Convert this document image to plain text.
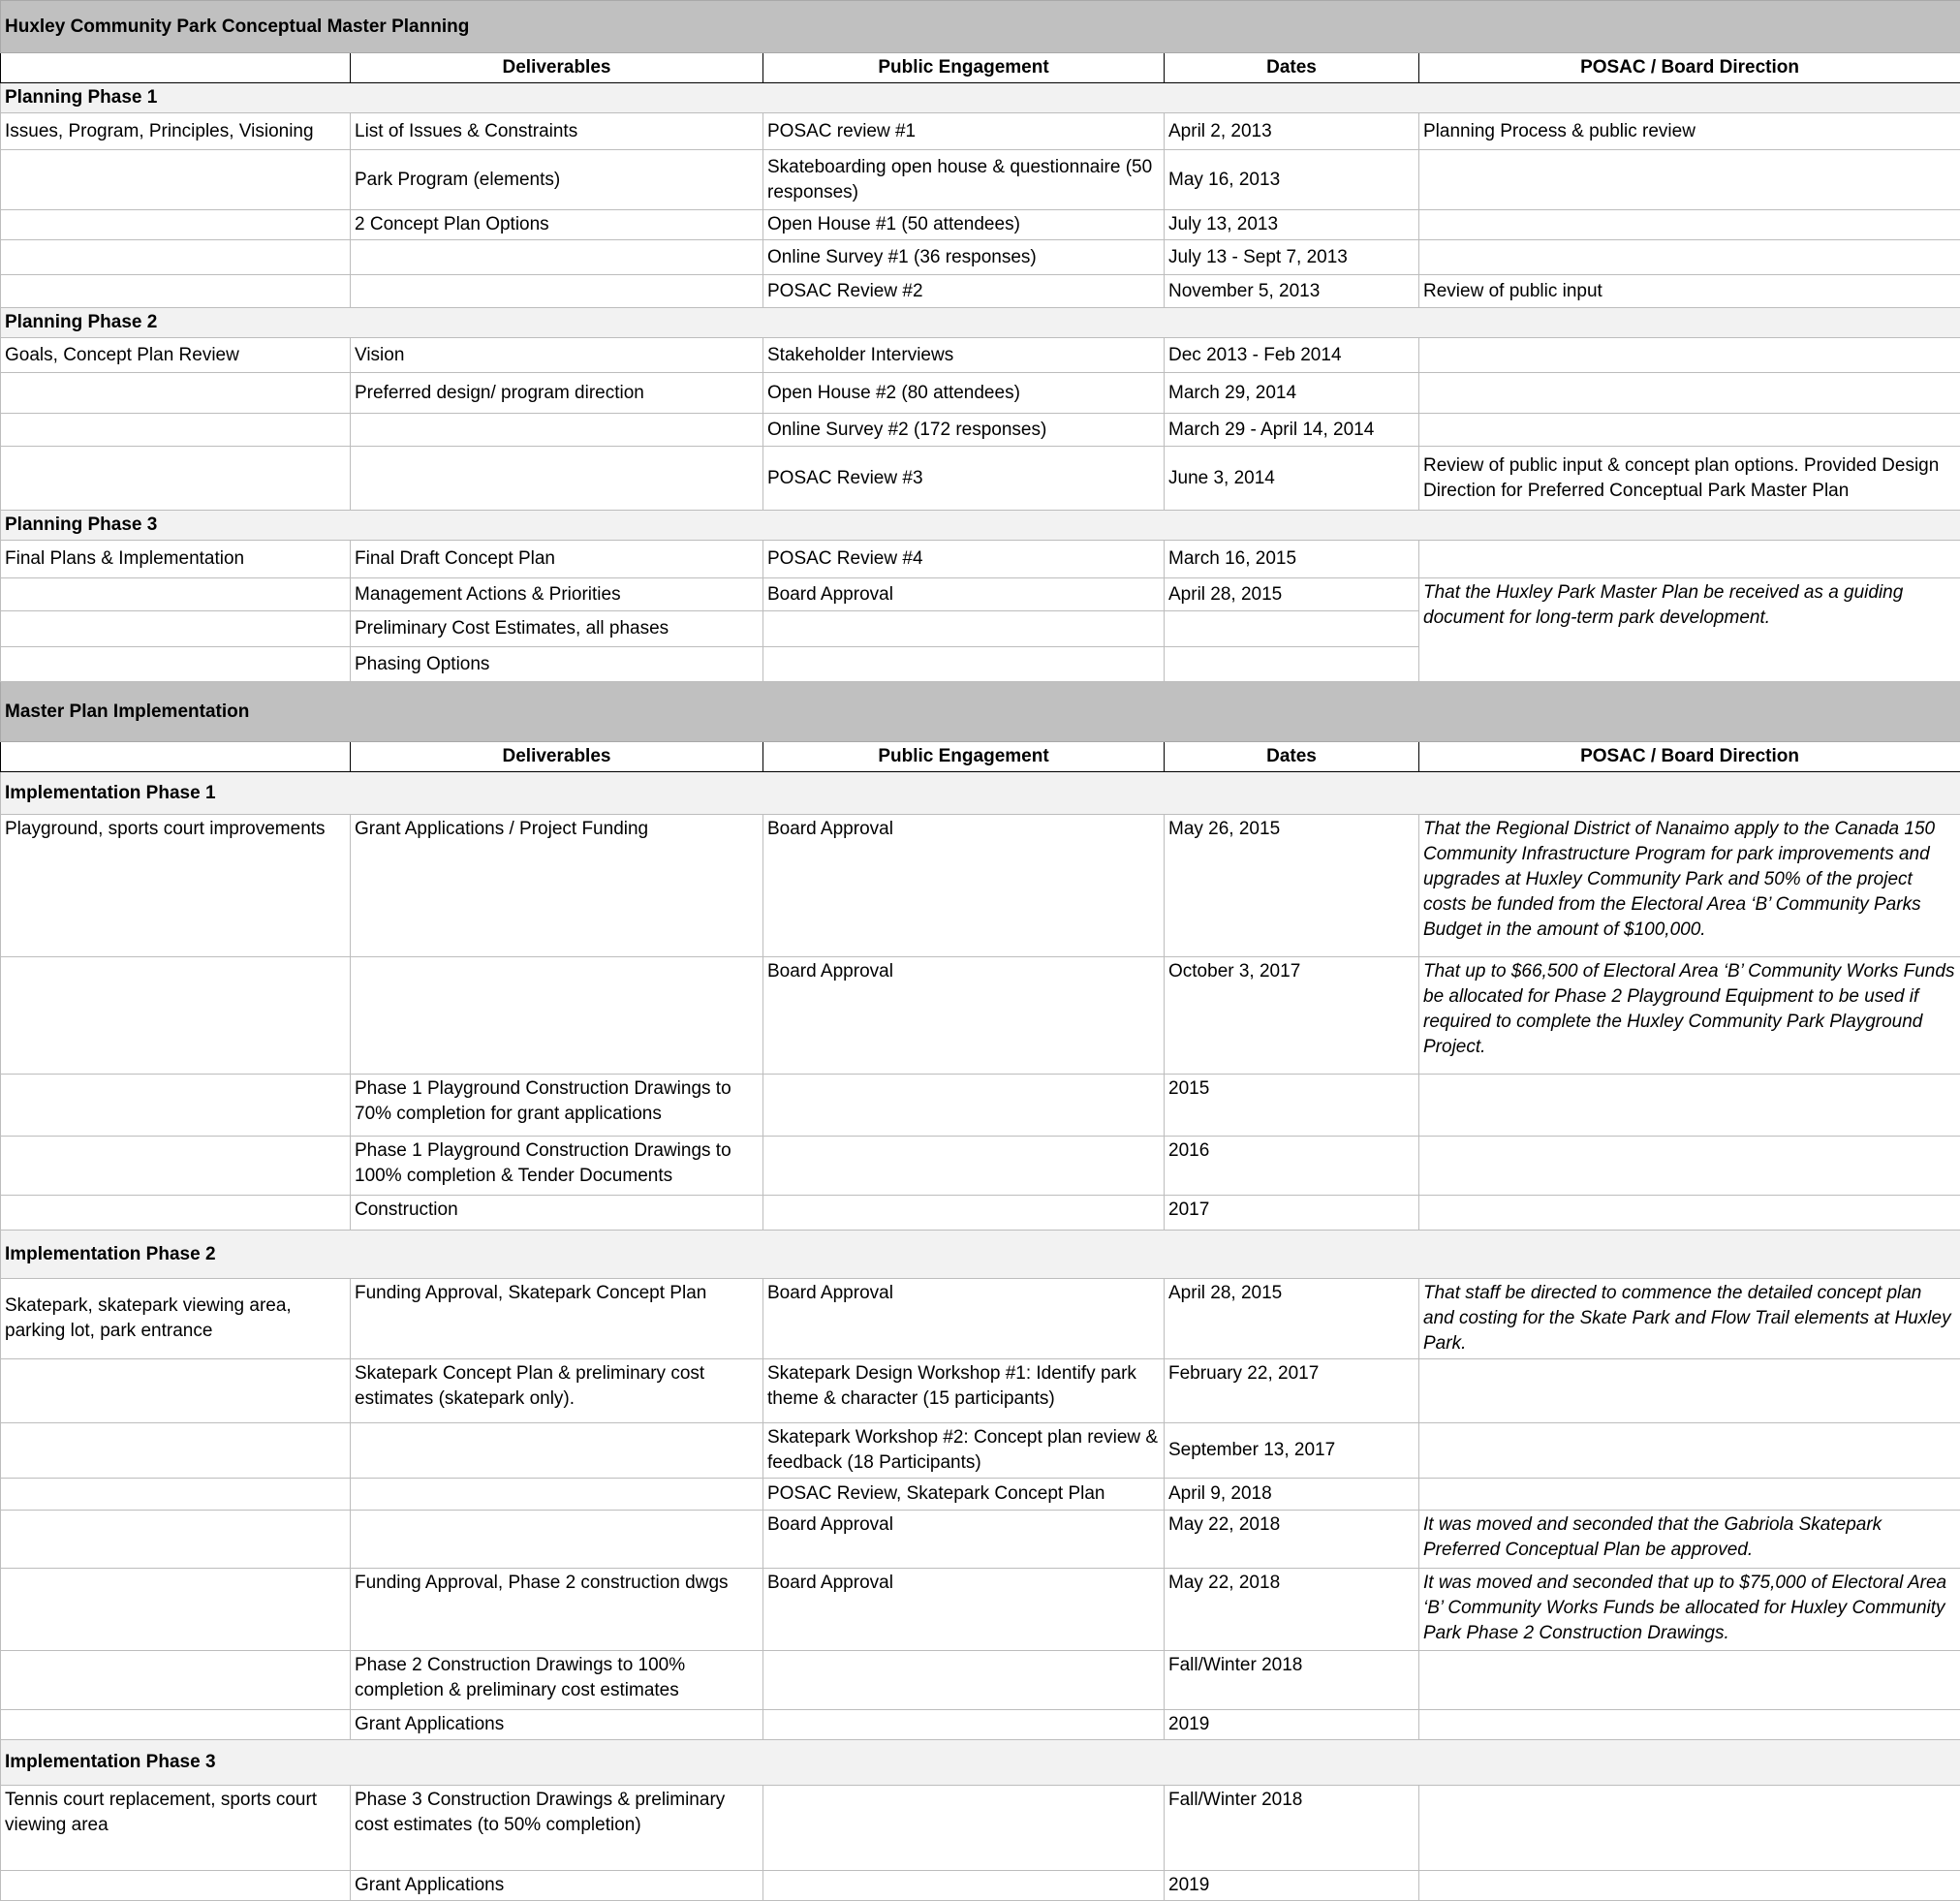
Huxley Community Park Conceptual Master Planning				
	Deliverables	Public Engagement	Dates	POSAC / Board Direction
Planning Phase 1				
Issues, Program, Principles, Visioning	List of Issues & Constraints	POSAC review #1	April 2, 2013	Planning Process & public review
	Park Program (elements)	Skateboarding open house & questionnaire (50 responses)	May 16, 2013	
	2 Concept Plan Options	Open House #1 (50 attendees)	July 13, 2013	
		Online Survey #1 (36 responses)	July 13 - Sept 7, 2013	
		POSAC Review #2	November 5, 2013	Review of public input
Planning Phase 2				
Goals, Concept Plan Review	Vision	Stakeholder Interviews	Dec 2013 - Feb 2014	
	Preferred design/ program direction	Open House #2 (80 attendees)	March 29, 2014	
		Online Survey #2 (172 responses)	March 29 - April 14, 2014	
		POSAC Review #3	June 3, 2014	Review of public input & concept plan options. Provided Design Direction for Preferred Conceptual Park Master Plan
Planning Phase 3				
Final Plans & Implementation	Final Draft Concept Plan	POSAC Review #4	March 16, 2015	
	Management Actions & Priorities	Board Approval	April 28, 2015	That the Huxley Park Master Plan be received as a guiding document for long-term park development.
	Preliminary Cost Estimates, all phases			
	Phasing Options			
Master Plan Implementation				
	Deliverables	Public Engagement	Dates	POSAC / Board Direction
Implementation Phase 1				
Playground, sports court improvements	Grant Applications / Project Funding	Board Approval	May 26, 2015	That the Regional District of Nanaimo apply to the Canada 150 Community Infrastructure Program for park improvements and upgrades at Huxley Community Park and 50% of the project costs be funded from the Electoral Area ‘B’ Community Parks Budget in the amount of $100,000.
		Board Approval	October 3, 2017	That up to $66,500 of Electoral Area ‘B’ Community Works Funds be allocated for Phase 2 Playground Equipment to be used if required to complete the Huxley Community Park Playground Project.
	Phase 1 Playground Construction Drawings to 70% completion for grant applications		2015	
	Phase 1 Playground Construction Drawings to 100% completion & Tender Documents		2016	
	Construction		2017	
Implementation Phase 2				
Skatepark, skatepark viewing area, parking lot, park entrance	Funding Approval, Skatepark Concept Plan	Board Approval	April 28, 2015	That staff be directed to commence the detailed concept plan and costing for the Skate Park and Flow Trail elements at Huxley Park.
	Skatepark Concept Plan & preliminary cost estimates (skatepark only).	Skatepark Design Workshop #1: Identify park theme & character (15 participants)	February 22, 2017	
		Skatepark Workshop #2: Concept plan review & feedback (18 Participants)	September 13, 2017	
		POSAC Review, Skatepark Concept Plan	April 9, 2018	
		Board Approval	May 22, 2018	It was moved and seconded that the Gabriola Skatepark Preferred Conceptual Plan be approved.
	Funding Approval, Phase 2 construction dwgs	Board Approval	May 22, 2018	It was moved and seconded that up to $75,000 of Electoral Area ‘B’ Community Works Funds be allocated for Huxley Community Park Phase 2 Construction Drawings.
	Phase 2 Construction Drawings to 100% completion & preliminary cost estimates		Fall/Winter 2018	
	Grant Applications		2019	
Implementation Phase 3				
Tennis court replacement, sports court viewing area	Phase 3 Construction Drawings & preliminary cost estimates (to 50% completion)		Fall/Winter 2018	
	Grant Applications		2019	
